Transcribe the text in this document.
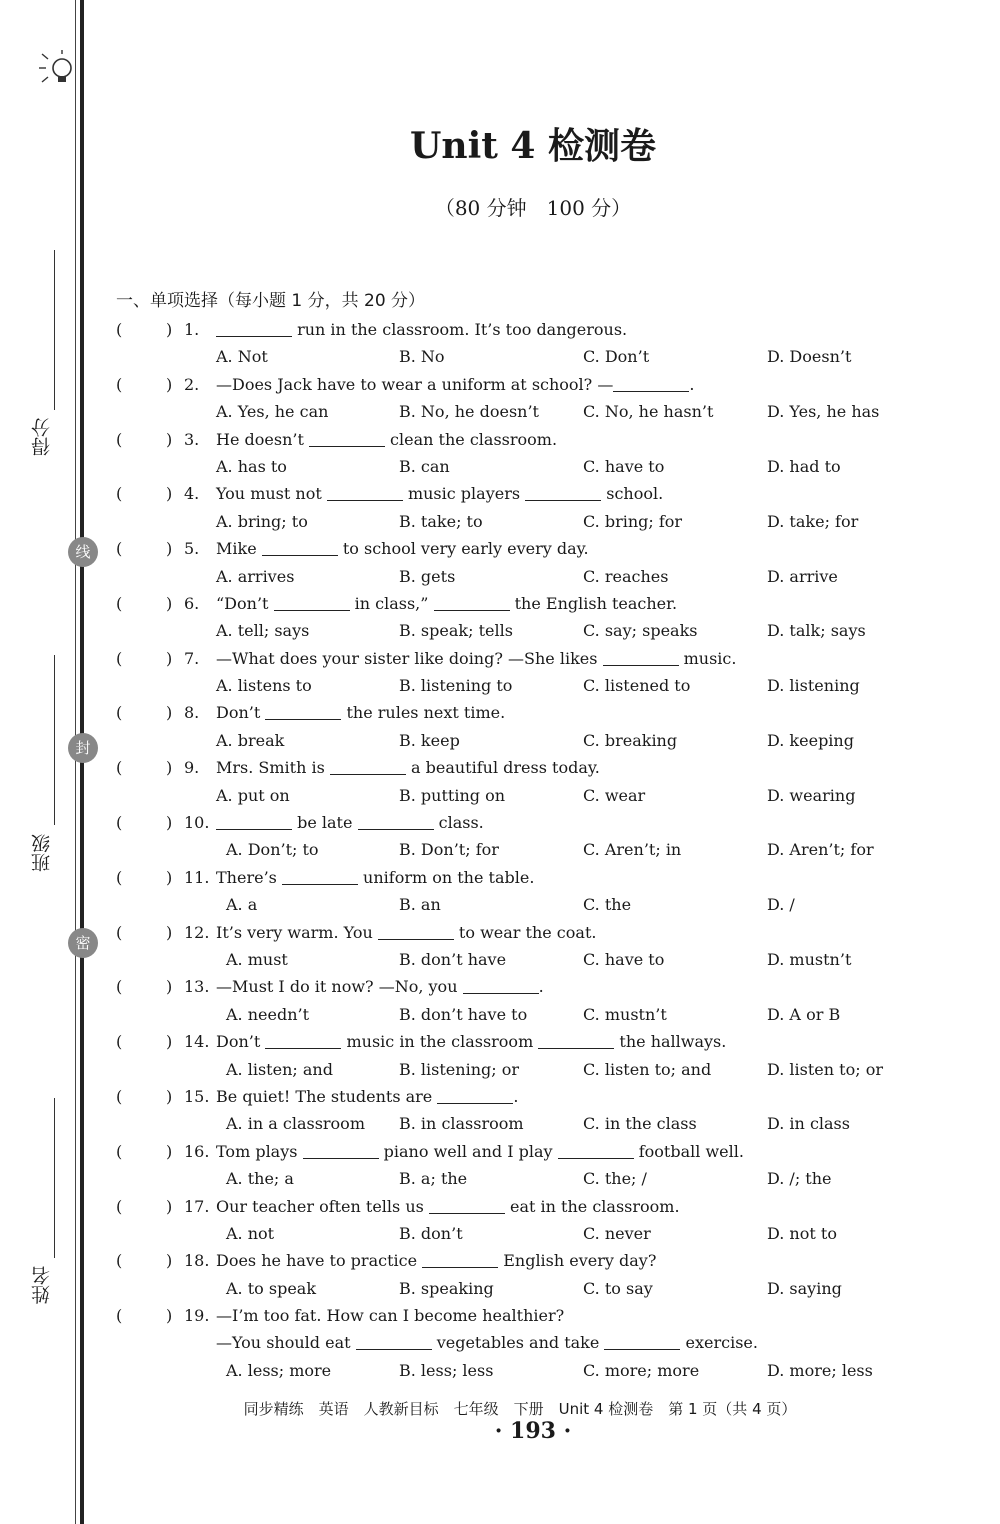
得分
线
班级
封
密
姓名
Unit 4 检测卷
（80 分钟　100 分）
一、单项选择（每小题 1 分，共 20 分）
(	) 1.	run in the classroom. It’s too dangerous.
A. Not	B. No	C. Don’t	D. Doesn’t
(	) 2. —Does Jack have to wear a uniform at school? —	.
A. Yes, he can	B. No, he doesn’t	C. No, he hasn’t	D. Yes, he has
(	) 3. He doesn’t	clean the classroom.
A. has to	B. can	C. have to	D. had to
(	) 4. You must not	music players	school.
A. bring; to	B. take; to	C. bring; for	D. take; for
(	) 5. Mike	to school very early every day.
A. arrives	B. gets	C. reaches	D. arrive
(	) 6. “Don’t	in class,”	the English teacher.
A. tell; says	B. speak; tells	C. say; speaks	D. talk; says
(	) 7. —What does your sister like doing? —She likes	music.
A. listens to	B. listening to	C. listened to	D. listening
(	) 8. Don’t	the rules next time.
A. break	B. keep	C. breaking	D. keeping
(	) 9. Mrs. Smith is	a beautiful dress today.
A. put on	B. putting on	C. wear	D. wearing
(	) 10.	be late	class.
A. Don’t; to	B. Don’t; for	C. Aren’t; in	D. Aren’t; for
(	) 11. There’s	uniform on the table.
A. a	B. an	C. the	D. /
(	) 12. It’s very warm. You	to wear the coat.
A. must	B. don’t have	C. have to	D. mustn’t
(	) 13. —Must I do it now? —No, you	.
A. needn’t	B. don’t have to	C. mustn’t	D. A or B
(	) 14. Don’t	music in the classroom	the hallways.
A. listen; and	B. listening; or	C. listen to; and	D. listen to; or
(	) 15. Be quiet! The students are	.
A. in a classroom B. in classroom	C. in the class	D. in class
(	) 16. Tom plays	piano well and I play	football well.
A. the; a	B. a; the	C. the; /	D. /; the
(	) 17. Our teacher often tells us	eat in the classroom.
A. not	B. don’t	C. never	D. not to
(	) 18. Does he have to practice	English every day?
A. to speak	B. speaking	C. to say	D. saying
(	) 19. —I’m too fat. How can I become healthier?
—You should eat	vegetables and take	exercise.
A. less; more	B. less; less	C. more; more	D. more; less
同步精练　英语　人教新目标　七年级　下册　Unit 4 检测卷　第 1 页（共 4 页）
· 193 ·
